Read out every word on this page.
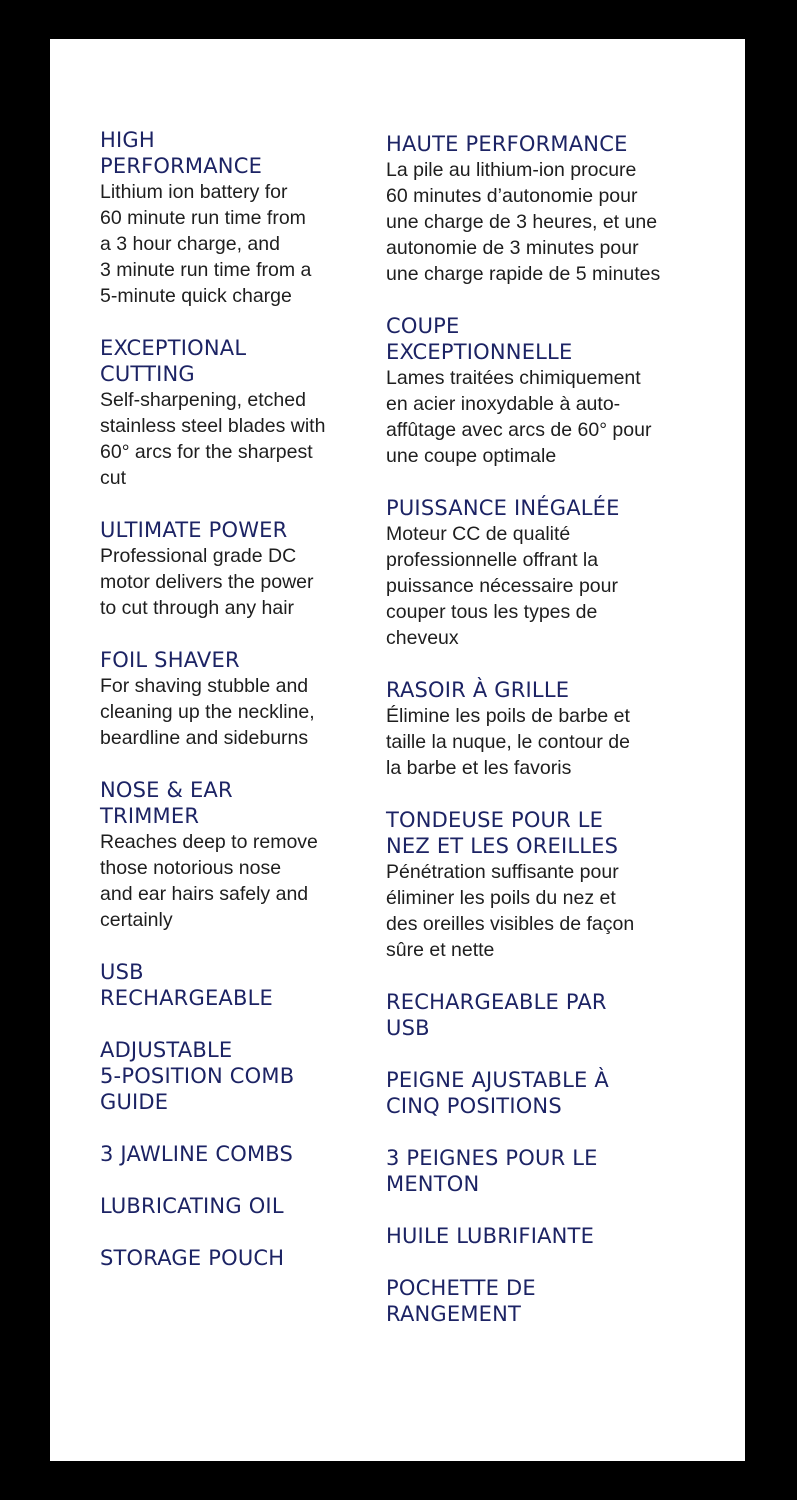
HIGH
PERFORMANCE

Lithium ion battery for
60 minute run time from
a 3 hour charge, and
3 minute run time from a
5-minute quick charge

EXCEPTIONAL
CUTTING

Self-sharpening, etched
stainless steel blades with
60° arcs for the sharpest
cut

ULTIMATE POWER

Professional grade DC
motor delivers the power
to cut through any hair

FOIL SHAVER

For shaving stubble and
cleaning up the neckline,
beardline and sideburns

NOSE & EAR
TRIMMER

Reaches deep to remove
those notorious nose
and ear hairs safely and
certainly

USB
RECHARGEABLE
ADJUSTABLE
5-POSITION COMB
GUIDE
3 JAWLINE COMBS
LUBRICATING OIL
STORAGE POUCH
HAUTE PERFORMANCE

La pile au lithium-ion procure
60 minutes d’autonomie pour
une charge de 3 heures, et une
autonomie de 3 minutes pour
une charge rapide de 5 minutes

COUPE
EXCEPTIONNELLE

Lames traitées chimiquement
en acier inoxydable à auto-
affûtage avec arcs de 60° pour
une coupe optimale

PUISSANCE INÉGALÉE

Moteur CC de qualité
professionnelle offrant la
puissance nécessaire pour
couper tous les types de
cheveux

RASOIR À GRILLE

Élimine les poils de barbe et
taille la nuque, le contour de
la barbe et les favoris

TONDEUSE POUR LE
NEZ ET LES OREILLES

Pénétration suffisante pour
éliminer les poils du nez et
des oreilles visibles de façon
sûre et nette

RECHARGEABLE PAR
USB
PEIGNE AJUSTABLE À
CINQ POSITIONS
3 PEIGNES POUR LE
MENTON
HUILE LUBRIFIANTE
POCHETTE DE
RANGEMENT
